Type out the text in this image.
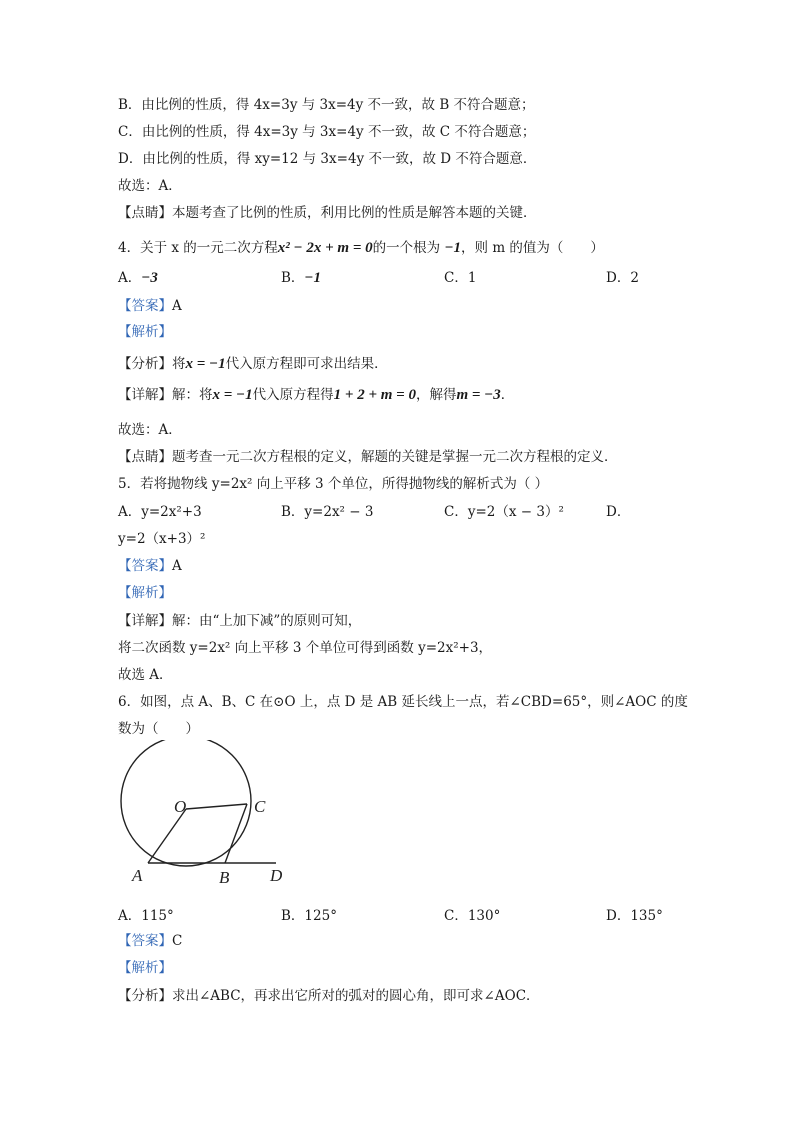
B．由比例的性质，得 4x=3y 与 3x=4y 不一致，故 B 不符合题意；
C．由比例的性质，得 4x=3y 与 3x=4y 不一致，故 C 不符合题意；
D．由比例的性质，得 xy=12 与 3x=4y 不一致，故 D 不符合题意．
故选：A．
【点睛】本题考查了比例的性质，利用比例的性质是解答本题的关键．
4．关于 x 的一元二次方程x² − 2x + m = 0的一个根为 −1，则 m 的值为（　　）
A．−3	B．−1	C．1	D．2
【答案】A
【解析】
【分析】将x = −1代入原方程即可求出结果．
【详解】解：将x = −1代入原方程得1 + 2 + m = 0，解得m = −3．
故选：A．
【点睛】题考查一元二次方程根的定义，解题的关键是掌握一元二次方程根的定义．
5．若将抛物线 y=2x² 向上平移 3 个单位，所得抛物线的解析式为（ ）
A．y=2x²+3	B．y=2x² − 3	C．y=2（x − 3）²	D．
y=2（x+3）²
【答案】A
【解析】
【详解】解：由“上加下减”的原则可知，
将二次函数 y=2x² 向上平移 3 个单位可得到函数 y=2x²+3，
故选 A．
6．如图，点 A、B、C 在⊙O 上，点 D 是 AB 延长线上一点，若∠CBD=65°，则∠AOC 的度
数为（　　）
O	C
A	B D
A．115°	B．125°	C．130°	D．135°
【答案】C
【解析】
【分析】求出∠ABC，再求出它所对的弧对的圆心角，即可求∠AOC．
